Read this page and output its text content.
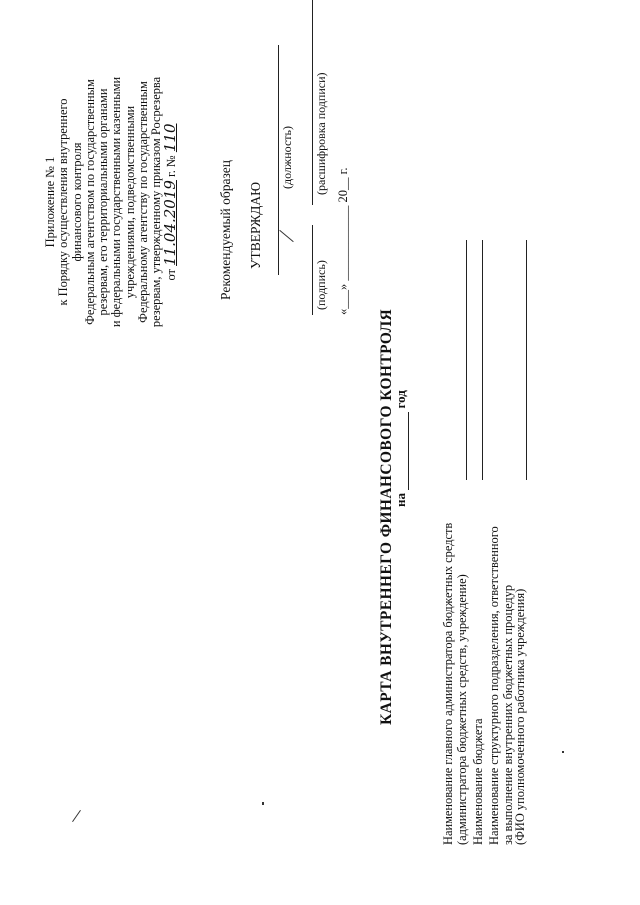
Приложение № 1 к Порядку осуществления внутреннего финансового контроля Федеральным агентством по государственным резервам, его территориальными органами и федеральными государственными казенными учреждениями, подведомственными Федеральному агентству по государственным резервам, утвержденному приказом Росрезерва от 11.04.2019 г. № 110
Рекомендуемый образец УТВЕРЖДАЮ
(должность)
(подпись)
(расшифровка подписи)
«___» ____________ 20__ г.
КАРТА ВНУТРЕННЕГО ФИНАНСОВОГО КОНТРОЛЯ
на  год
Наименование главного администратора бюджетных средств (администратора бюджетных средств, учреждение) Наименование бюджета Наименование структурного подразделения, ответственного за выполнение внутренних бюджетных процедур
(ФИО уполномоченного работника учреждения)
